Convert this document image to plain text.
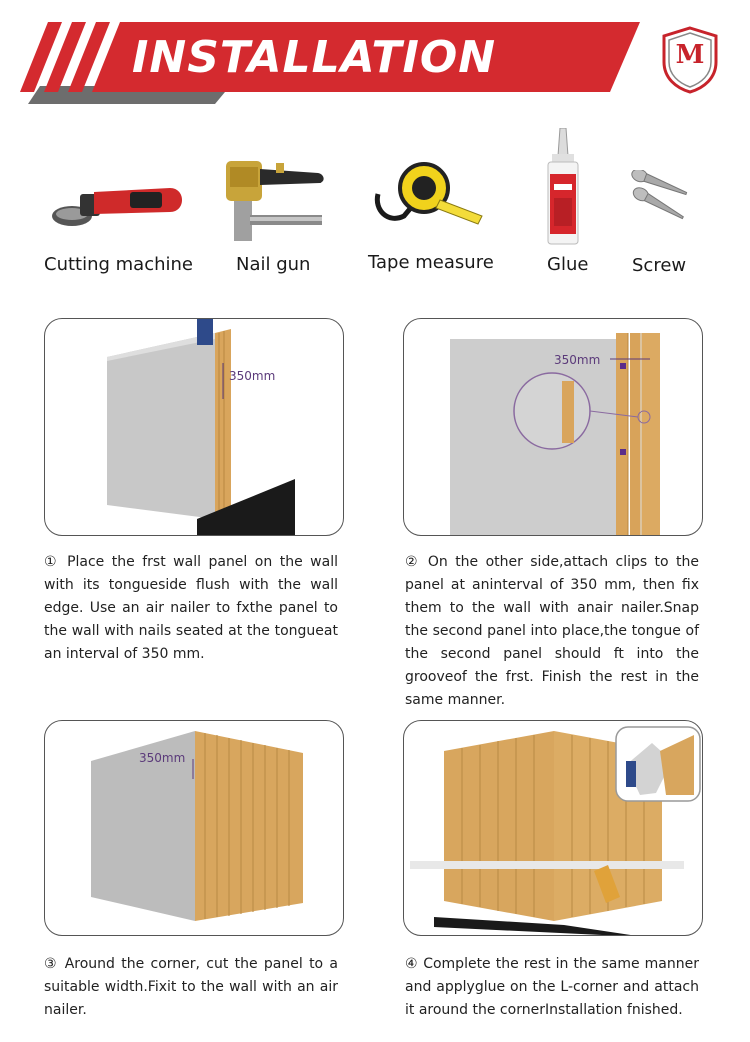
INSTALLATION	M
Cutting machine Nail gun	Tape measure	Glue Screw
350mm
① Place the frst wall panel on the wall with its tongueside flush with the wall edge. Use an air nailer to fxthe panel to the wall with nails seated at the tongueat an interval of 350 mm.
350mm
② On the other side,attach clips to the panel at aninterval of 350 mm, then fix them to the wall with anair nailer.Snap the second panel into place,the tongue of the second panel should ft into the grooveof the frst. Finish the rest in the same manner.
350mm
③ Around the corner, cut the panel to a suitable width.Fixit to the wall with an air nailer.
④ Complete the rest in the same manner and applyglue on the L-corner and attach it around the cornerInstallation fnished.
